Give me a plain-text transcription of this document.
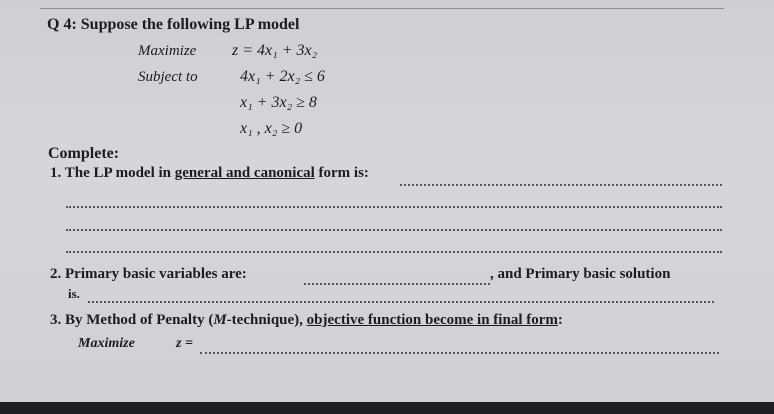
Q 4: Suppose the following LP model
Maximize z = 4x₁ + 3x₂
Subject to	4x₁ + 2x₂ ≤ 6
x₁ + 3x₂ ≥ 8
x₁ , x₂ ≥ 0
Complete:
1. The LP model in general and canonical form is:
2. Primary basic variables are:	, and Primary basic solution
is.
3. By Method of Penalty (M-technique), objective function become in final form:
Maximize	z =
